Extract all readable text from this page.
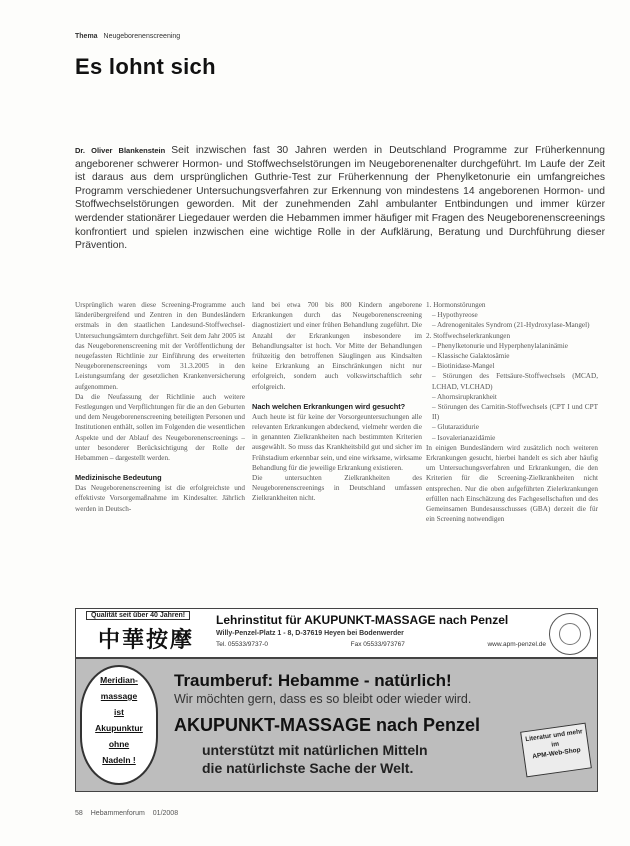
Thema Neugeborenenscreening
Es lohnt sich
Dr. Oliver Blankenstein Seit inzwischen fast 30 Jahren werden in Deutschland Programme zur Früherkennung angeborener schwerer Hormon- und Stoffwechselstörungen im Neugeborenenalter durchgeführt. Im Laufe der Zeit ist daraus aus dem ursprünglichen Guthrie-Test zur Früherkennung der Phenylketonurie ein umfangreiches Programm verschiedener Untersuchungsverfahren zur Erkennung von mindestens 14 angeborenen Hormon- und Stoffwechselstörungen geworden. Mit der zunehmenden Zahl ambulanter Entbindungen und immer kürzer werdender stationärer Liegedauer werden die Hebammen immer häufiger mit Fragen des Neugeborenenscreenings konfrontiert und spielen inzwischen eine wichtige Rolle in der Aufklärung, Beratung und Durchführung dieser Prävention.

Ursprünglich waren diese Screening-Programme auch länderübergreifend und Zentren in den Bundesländern erstmals in den staatlichen Landesund-Stoffwechsel-Untersuchungsämtern durchgeführt. Seit dem Jahr 2005 ist das Neugeborenenscreening mit der Veröffentlichung der neugefassten Richtlinie zur Einführung des erweiterten Neugeborenenscreenings vom 31.3.2005 in den Leistungsumfang der gesetzlichen Krankenversicherung aufgenommen.

Da die Neufassung der Richtlinie auch weitere Festlegungen und Verpflichtungen für die an den Geburten und dem Neugeborenenscreening beteiligten Personen und Institutionen enthält, sollen im Folgenden die wesentlichen Aspekte und der Ablauf des Neugeborenenscreenings – unter besonderer Berücksichtigung der Rolle der Hebammen – dargestellt werden.

Medizinische Bedeutung

Das Neugeborenenscreening ist die erfolgreichste und effektivste Vorsorgemaßnahme im Kindesalter. Jährlich werden in Deutsch-

land bei etwa 700 bis 800 Kindern angeborene Erkrankungen durch das Neugeborenenscreening diagnostiziert und einer frühen Behandlung zugeführt. Die Anzahl der Erkrankungen insbesondere im Behandlungsalter ist hoch. Vor Mitte der Behandlungen frühzeitig den betroffenen Säuglingen aus Kindsalten keine Erkrankung an Einschränkungen nicht nur erfolgreich, sondern auch volkswirtschaftlich sehr erfolgreich.

Nach welchen Erkrankungen wird gesucht?

Auch heute ist für keine der Vorsorgeuntersuchungen alle relevanten Erkrankungen abdeckend, vielmehr werden die in genannten Zielkrankheiten nach bestimmten Kriterien ausgewählt. So muss das Krankheitsbild gut und sicher im Frühstadium erkennbar sein, und eine wirksame, wirksame Behandlung für die jeweilige Erkrankung existieren.

Die untersuchten Zielkrankheiten des Neugeborenenscreenings in Deutschland umfassen Zielkrankheiten nicht.

1. Hormonstörungen
– Hypothyreose
– Adrenogenitales Syndrom (21-Hydroxylase-Mangel)
2. Stoffwechselerkrankungen
– Phenylketonurie und Hyperphenylalaninämie
– Klassische Galaktosämie
– Biotinidase-Mangel
– Störungen des Fettsäure-Stoffwechsels (MCAD, LCHAD, VLCHAD)
– Ahornsirupkrankheit
– Störungen des Carnitin-Stoffwechsels (CPT I und CPT II)
– Glutarazidurie
– Isovalerianazidämie

In einigen Bundesländern wird zusätzlich noch weiteren Erkrankungen gesucht, hierbei handelt es sich aber häufig um Untersuchungsverfahren und Erkrankungen, die den Kriterien für die Screening-Zielkrankheiten nicht entsprechen. Nur die oben aufgeführten Zielerkrankungen erfüllen nach Einschätzung des Fachgesellschaften und des Gemeinsamen Bundesausschusses (GBA) derzeit die für ein Screening notwendigen

Qualität seit über 40 Jahren!
中華按摩
Lehrinstitut für AKUPUNKT-MASSAGE nach Penzel
Willy-Penzel-Platz 1 - 8, D-37619 Heyen bei Bodenwerder
Tel. 05533/9737-0	Fax 05533/973767	www.apm-penzel.de
Meridian-
massage
ist
Akupunktur
ohne
Nadeln !
Traumberuf: Hebamme - natürlich!
Wir möchten gern, dass es so bleibt oder wieder wird.
AKUPUNKT-MASSAGE nach Penzel
unterstützt mit natürlichen Mitteln
die natürlichste Sache der Welt.
Literatur und mehr im
APM-Web-Shop
58 Hebammenforum 01/2008
